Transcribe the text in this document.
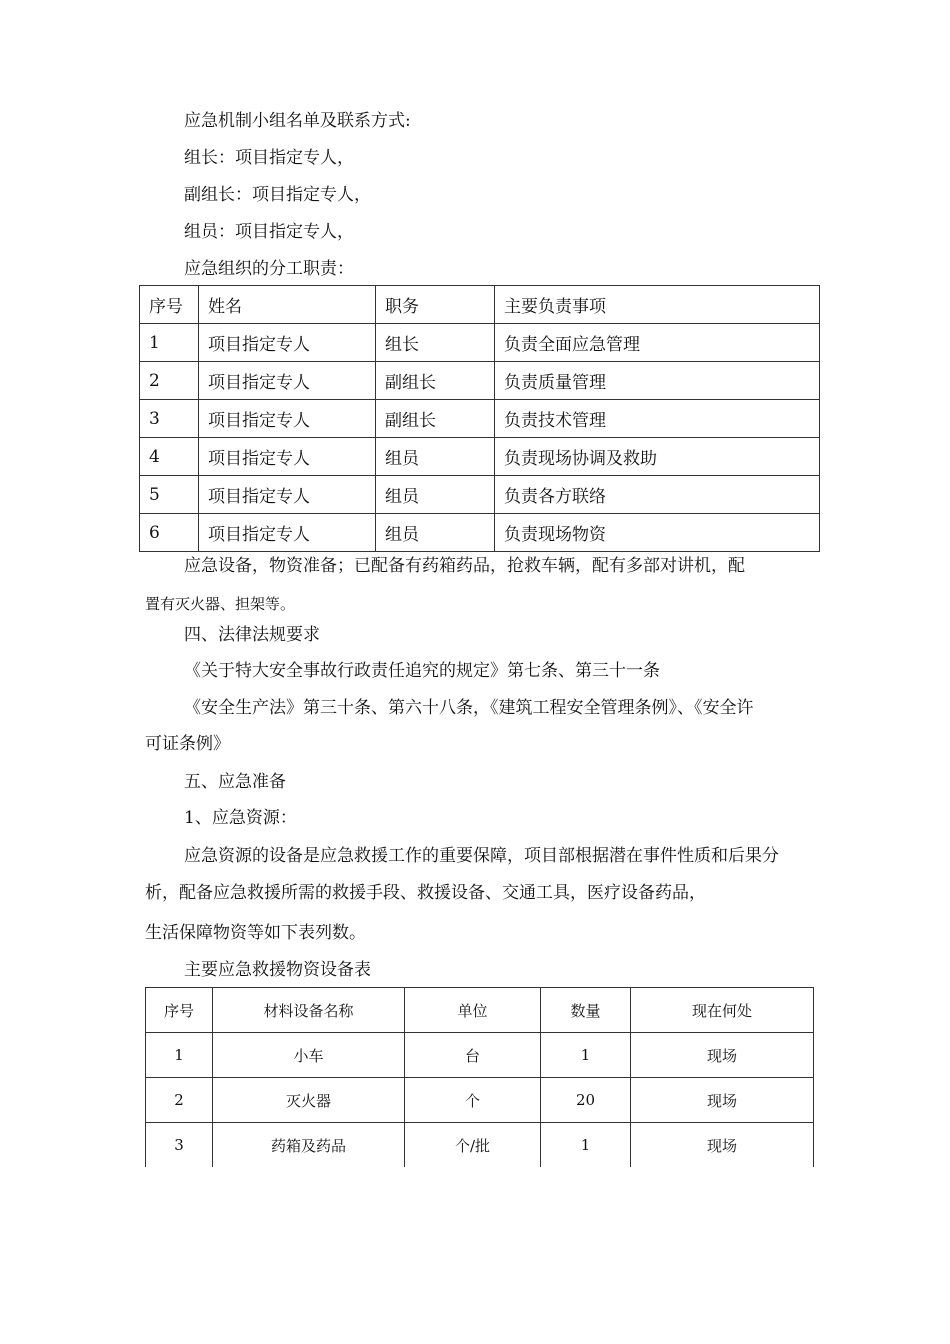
应急机制小组名单及联系方式:
组长：项目指定专人，
副组长：项目指定专人，
组员：项目指定专人，
应急组织的分工职责：
序号	姓名	职务	主要负责事项
1	项目指定专人	组长	负责全面应急管理
2	项目指定专人	副组长	负责质量管理
3	项目指定专人	副组长	负责技术管理
4	项目指定专人	组员	负责现场协调及救助
5	项目指定专人	组员	负责各方联络
6	项目指定专人	组员	负责现场物资
应急设备，物资准备；已配备有药箱药品，抢救车辆，配有多部对讲机，配
置有灭火器、担架等。
四、法律法规要求
《关于特大安全事故行政责任追究的规定》第七条、第三十一条
《安全生产法》第三十条、第六十八条，《建筑工程安全管理条例》、《安全许
可证条例》
五、应急准备
1、应急资源：
应急资源的设备是应急救援工作的重要保障，项目部根据潜在事件性质和后果分
析，配备应急救援所需的救援手段、救援设备、交通工具，医疗设备药品，
生活保障物资等如下表列数。
主要应急救援物资设备表
序号	材料设备名称	单位	数量	现在何处
1	小车	台	1	现场
2	灭火器	个	20	现场
3	药箱及药品	个/批	1	现场
